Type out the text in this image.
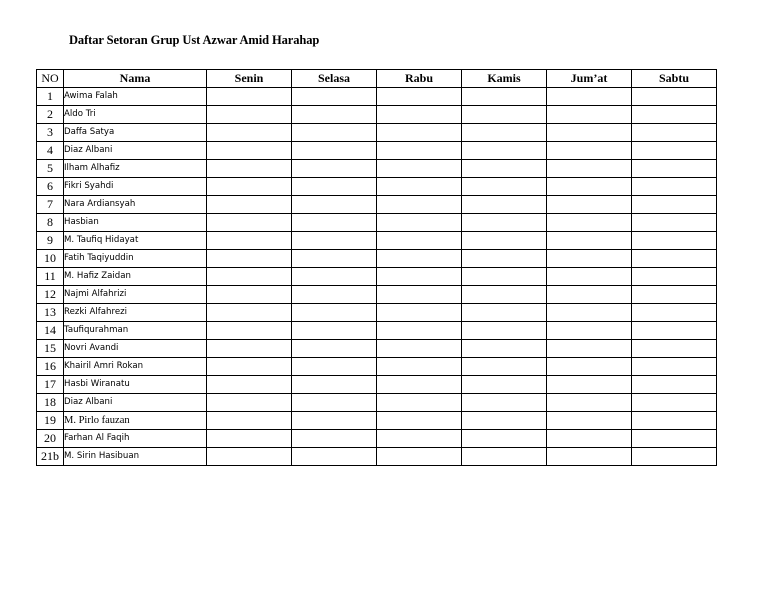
Daftar Setoran Grup Ust Azwar Amid Harahap
NO	Nama	Senin	Selasa	Rabu	Kamis	Jum’at	Sabtu
1	Awima Falah						
2	Aldo Tri						
3	Daffa Satya						
4	Diaz Albani						
5	Ilham Alhafiz						
6	Fikri Syahdi						
7	Nara Ardiansyah						
8	Hasbian						
9	M. Taufiq Hidayat						
10	Fatih Taqiyuddin						
11	M. Hafiz Zaidan						
12	Najmi Alfahrizi						
13	Rezki Alfahrezi						
14	Taufiqurahman						
15	Novri Avandi						
16	Khairil Amri Rokan						
17	Hasbi Wiranatu						
18	Diaz Albani						
19	M. Pirlo fauzan						
20	Farhan Al Faqih						
21b	M. Sirin Hasibuan						
